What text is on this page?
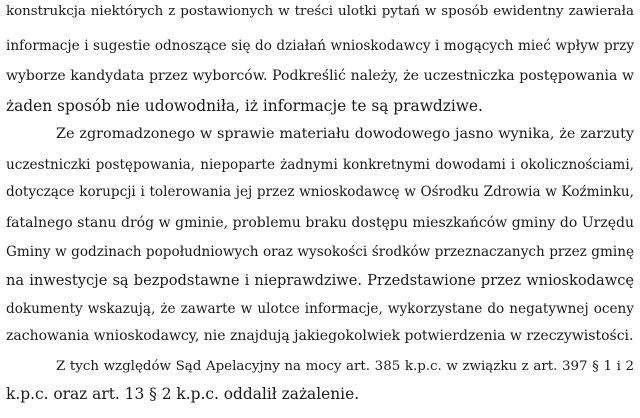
konstrukcja niektórych z postawionych w treści ulotki pytań w sposób ewidentny zawierała
informacje i sugestie odnoszące się do działań wnioskodawcy i mogących mieć wpływ przy
wyborze kandydata przez wyborców. Podkreślić należy, że uczestniczka postępowania w
żaden sposób nie udowodniła, iż informacje te są prawdziwe.
Ze zgromadzonego w sprawie materiału dowodowego jasno wynika, że zarzuty
uczestniczki postępowania, niepoparte żadnymi konkretnymi dowodami i okolicznościami,
dotyczące korupcji i tolerowania jej przez wnioskodawcę w Ośrodku Zdrowia w Koźminku,
fatalnego stanu dróg w gminie, problemu braku dostępu mieszkańców gminy do Urzędu
Gminy w godzinach popołudniowych oraz wysokości środków przeznaczanych przez gminę
na inwestycje są bezpodstawne i nieprawdziwe. Przedstawione przez wnioskodawcę
dokumenty wskazują, że zawarte w ulotce informacje, wykorzystane do negatywnej oceny
zachowania wnioskodawcy, nie znajdują jakiegokolwiek potwierdzenia w rzeczywistości.
Z tych względów Sąd Apelacyjny na mocy art. 385 k.p.c. w związku z art. 397 § 1 i 2
k.p.c. oraz art. 13 § 2 k.p.c. oddalił zażalenie.
